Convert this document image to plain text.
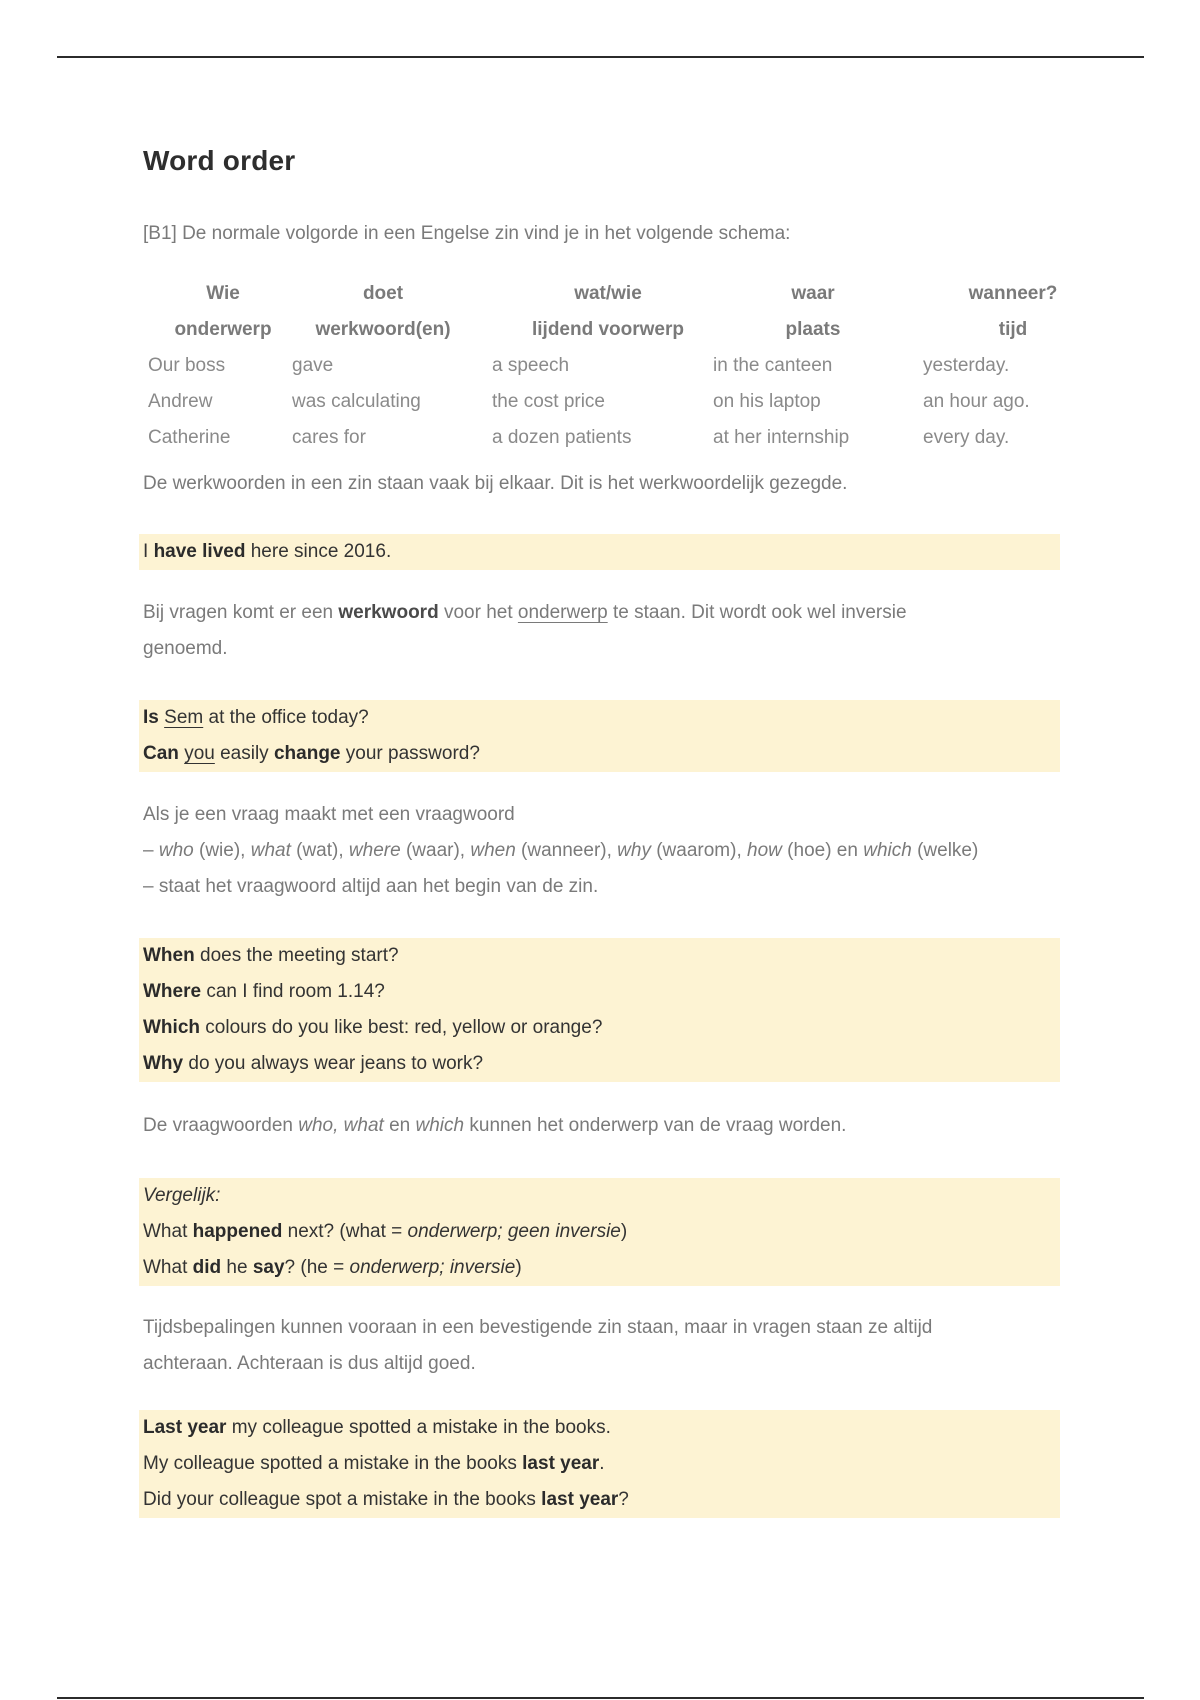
Word order
[B1] De normale volgorde in een Engelse zin vind je in het volgende schema:
Wie	doet	wat/wie	waar	wanneer?
onderwerp	werkwoord(en)	lijdend voorwerp	plaats	tijd
Our boss	gave	a speech	in the canteen	yesterday.
Andrew	was calculating	the cost price	on his laptop	an hour ago.
Catherine	cares for	a dozen patients	at her internship	every day.
De werkwoorden in een zin staan vaak bij elkaar. Dit is het werkwoordelijk gezegde.
I have lived here since 2016.
Bij vragen komt er een werkwoord voor het onderwerp te staan. Dit wordt ook wel inversie
genoemd.
Is Sem at the office today?
Can you easily change your password?
Als je een vraag maakt met een vraagwoord
– who (wie), what (wat), where (waar), when (wanneer), why (waarom), how (hoe) en which (welke)
– staat het vraagwoord altijd aan het begin van de zin.
When does the meeting start?
Where can I find room 1.14?
Which colours do you like best: red, yellow or orange?
Why do you always wear jeans to work?
De vraagwoorden who, what en which kunnen het onderwerp van de vraag worden.
Vergelijk:
What happened next? (what = onderwerp; geen inversie)
What did he say? (he = onderwerp; inversie)
Tijdsbepalingen kunnen vooraan in een bevestigende zin staan, maar in vragen staan ze altijd
achteraan. Achteraan is dus altijd goed.
Last year my colleague spotted a mistake in the books.
My colleague spotted a mistake in the books last year.
Did your colleague spot a mistake in the books last year?
